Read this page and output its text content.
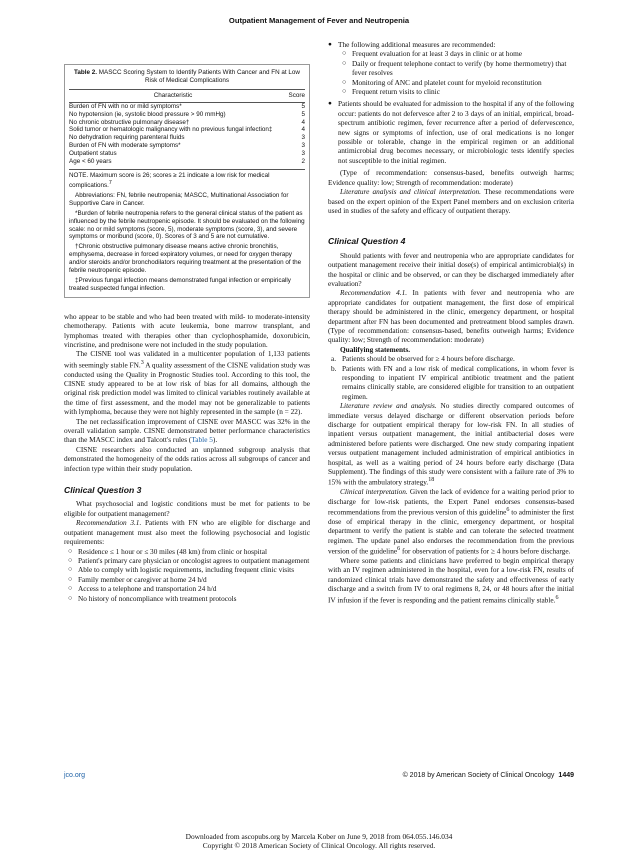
Outpatient Management of Fever and Neutropenia

Table 2. MASCC Scoring System to Identify Patients With Cancer and FN at Low Risk of Medical Complications

Characteristic	Score
Burden of FN with no or mild symptoms*	5
No hypotension (ie, systolic blood pressure > 90 mmHg)	5
No chronic obstructive pulmonary disease†	4
Solid tumor or hematologic malignancy with no previous fungal infection‡	4
No dehydration requiring parenteral fluids	3
Burden of FN with moderate symptoms*	3
Outpatient status	3
Age < 60 years	2

NOTE. Maximum score is 26; scores ≥ 21 indicate a low risk for medical complications.$^7$

Abbreviations: FN, febrile neutropenia; MASCC, Multinational Association for Supportive Care in Cancer.

*Burden of febrile neutropenia refers to the general clinical status of the patient as influenced by the febrile neutropenic episode. It should be evaluated on the following scale: no or mild symptoms (score, 5), moderate symptoms (score, 3), and severe symptoms or moribund (score, 0). Scores of 3 and 5 are not cumulative.

†Chronic obstructive pulmonary disease means active chronic bronchitis, emphysema, decrease in forced expiratory volumes, or need for oxygen therapy and/or steroids and/or bronchodilators requiring treatment at the presentation of the febrile neutropenic episode.

‡Previous fungal infection means demonstrated fungal infection or empirically treated suspected fungal infection.

who appear to be stable and who had been treated with mild- to moderate-intensity chemotherapy. Patients with acute leukemia, bone marrow transplant, and lymphomas treated with therapies other than cyclophosphamide, doxorubicin, vincristine, and prednisone were not included in the study population.

The CISNE tool was validated in a multicenter population of 1,133 patients with seemingly stable FN.$^3$ A quality assessment of the CISNE validation study was conducted using the Quality in Prognostic Studies tool. According to this tool, the CISNE study appeared to be at low risk of bias for all domains, although the original risk prediction model was limited to clinical variables routinely available at the time of first assessment, and the model may not be generalizable to patients with lymphoma, because they were not highly represented in the sample (n = 22).

The net reclassification improvement of CISNE over MASCC was 32% in the overall validation sample. CISNE demonstrated better performance characteristics than the MASCC index and Talcott's rules (Table 5).

CISNE researchers also conducted an unplanned subgroup analysis that demonstrated the homogeneity of the odds ratios across all subgroups of cancer and infection type within their study population.

Clinical Question 3

What psychosocial and logistic conditions must be met for patients to be eligible for outpatient management?

Recommendation 3.1. Patients with FN who are eligible for discharge and outpatient management must also meet the following psychosocial and logistic requirements:

○ Residence ≤ 1 hour or ≤ 30 miles (48 km) from clinic or hospital
○ Patient's primary care physician or oncologist agrees to outpatient management
○ Able to comply with logistic requirements, including frequent clinic visits
○ Family member or caregiver at home 24 h/d
○ Access to a telephone and transportation 24 h/d
○ No history of noncompliance with treatment protocols
● The following additional measures are recommended:
○ Frequent evaluation for at least 3 days in clinic or at home
○ Daily or frequent telephone contact to verify (by home thermometry) that fever resolves
○ Monitoring of ANC and platelet count for myeloid reconstitution
○ Frequent return visits to clinic
● Patients should be evaluated for admission to the hospital if any of the following occur: patients do not defervesce after 2 to 3 days of an initial, empirical, broad-spectrum antibiotic regimen, fever recurrence after a period of defervescence, new signs or symptoms of infection, use of oral medications is no longer possible or tolerable, change in the empirical regimen or an additional antimicrobial drug becomes necessary, or microbiologic tests identify species not susceptible to the initial regimen.

(Type of recommendation: consensus-based, benefits outweigh harms; Evidence quality: low; Strength of recommendation: moderate)

Literature analysis and clinical interpretation. These recommendations were based on the expert opinion of the Expert Panel members and on exclusion criteria used in studies of the safety and efficacy of outpatient therapy.

Clinical Question 4

Should patients with fever and neutropenia who are appropriate candidates for outpatient management receive their initial dose(s) of empirical antimicrobial(s) in the hospital or clinic and be observed, or can they be discharged immediately after evaluation?

Recommendation 4.1. In patients with fever and neutropenia who are appropriate candidates for outpatient management, the first dose of empirical therapy should be administered in the clinic, emergency department, or hospital department after FN has been documented and pretreatment blood samples drawn. (Type of recommendation: consensus-based, benefits outweigh harms; Evidence quality: low; Strength of recommendation: moderate)

Qualifying statements.

a. Patients should be observed for ≥ 4 hours before discharge.
b. Patients with FN and a low risk of medical complications, in whom fever is responding to inpatient IV empirical antibiotic treatment and the patient remains clinically stable, are considered eligible for transition to an outpatient regimen.

Literature review and analysis. No studies directly compared outcomes of immediate versus delayed discharge or different observation periods before discharge for outpatient empirical therapy for low-risk FN. In all studies of inpatient versus outpatient management, the initial antibacterial doses were administered before patients were discharged. One new study comparing inpatient versus outpatient management included administration of empirical antibiotics in hospital, as well as a waiting period of 24 hours before early discharge (Data Supplement). The findings of this study were consistent with a failure rate of 3% to 15% with the ambulatory strategy.$^{18}$

Clinical interpretation. Given the lack of evidence for a waiting period prior to discharge for low-risk patients, the Expert Panel endorses consensus-based recommendations from the previous version of this guideline$^6$ to administer the first dose of empirical therapy in the clinic, emergency department, or hospital department to verify the patient is stable and can tolerate the selected treatment regimen. The update panel also endorses the recommendation from the previous version of the guideline$^6$ for observation of patients for ≥ 4 hours before discharge.

Where some patients and clinicians have preferred to begin empirical therapy with an IV regimen administered in the hospital, even for a low-risk FN, results of randomized clinical trials have demonstrated the safety and effectiveness of early discharge and a switch from IV to oral regimens 8, 24, or 48 hours after the initial IV infusion if the fever is responding and the patient remains clinically stable.$^6$

jco.org	© 2018 by American Society of Clinical Oncology 1449
Downloaded from ascopubs.org by Marcela Kober on June 9, 2018 from 064.055.146.034
Copyright © 2018 American Society of Clinical Oncology. All rights reserved.
